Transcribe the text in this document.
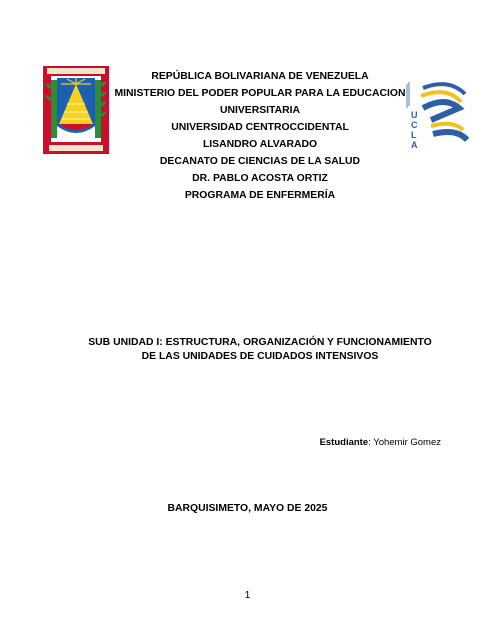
REPÚBLICA BOLIVARIANA DE VENEZUELA
MINISTERIO DEL PODER POPULAR PARA LA EDUCACION
UNIVERSITARIA
UNIVERSIDAD CENTROCCIDENTAL
LISANDRO ALVARADO
DECANATO DE CIENCIAS DE LA SALUD
DR. PABLO ACOSTA ORTIZ
PROGRAMA DE ENFERMERÍA
U
C
L
A
SUB UNIDAD I: ESTRUCTURA, ORGANIZACIÓN Y FUNCIONAMIENTO
DE LAS UNIDADES DE CUIDADOS INTENSIVOS
Estudiante: Yohemir Gomez
BARQUISIMETO, MAYO DE 2025
1
